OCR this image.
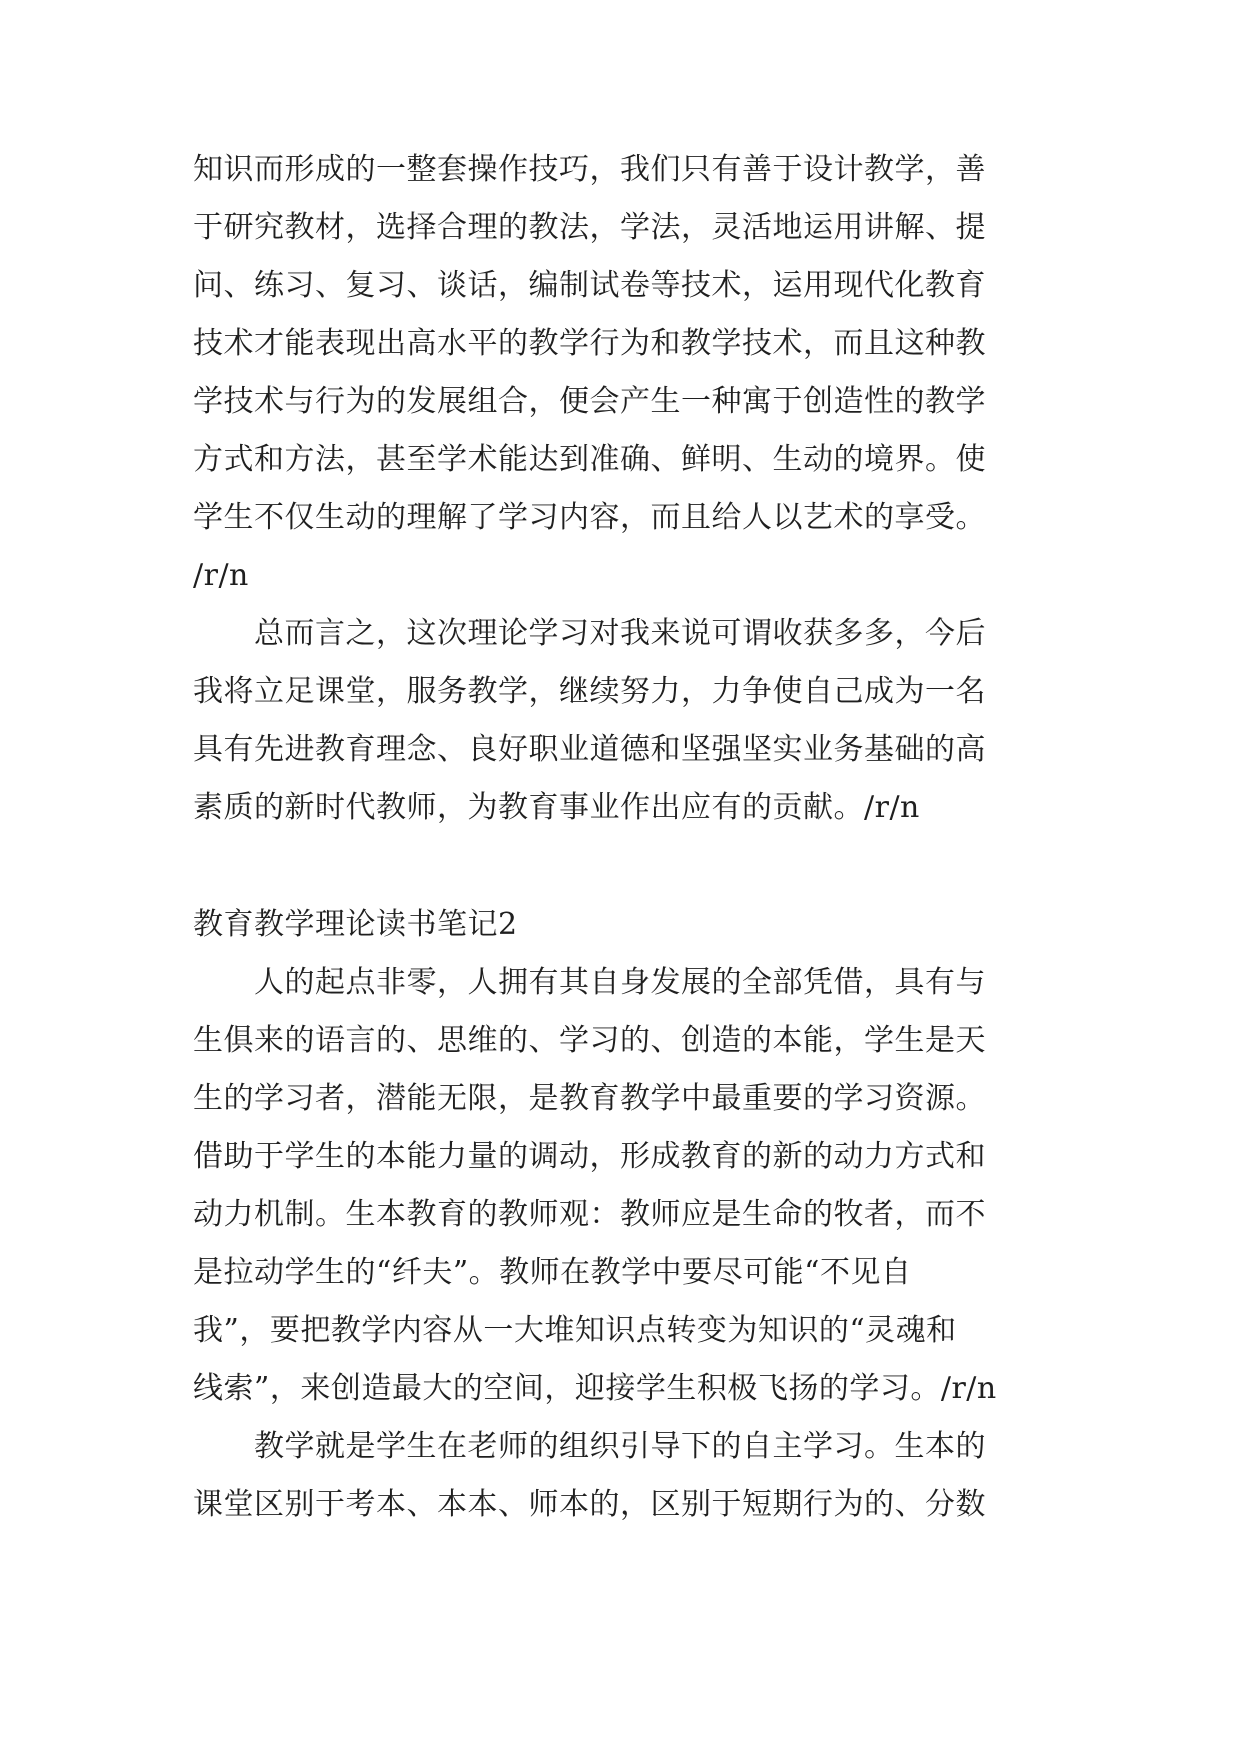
知识而形成的一整套操作技巧，我们只有善于设计教学，善

于研究教材，选择合理的教法，学法，灵活地运用讲解、提

问、练习、复习、谈话，编制试卷等技术，运用现代化教育

技术才能表现出高水平的教学行为和教学技术，而且这种教

学技术与行为的发展组合，便会产生一种寓于创造性的教学

方式和方法，甚至学术能达到准确、鲜明、生动的境界。使

学生不仅生动的理解了学习内容，而且给人以艺术的享受。

/r/n

总而言之，这次理论学习对我来说可谓收获多多，今后

我将立足课堂，服务教学，继续努力，力争使自己成为一名

具有先进教育理念、良好职业道德和坚强坚实业务基础的高

素质的新时代教师，为教育事业作出应有的贡献。/r/n

教育教学理论读书笔记2

人的起点非零，人拥有其自身发展的全部凭借，具有与

生俱来的语言的、思维的、学习的、创造的本能，学生是天

生的学习者，潜能无限，是教育教学中最重要的学习资源。

借助于学生的本能力量的调动，形成教育的新的动力方式和

动力机制。生本教育的教师观：教师应是生命的牧者，而不

是拉动学生的“纤夫”。教师在教学中要尽可能“不见自

我”，要把教学内容从一大堆知识点转变为知识的“灵魂和

线索”，来创造最大的空间，迎接学生积极飞扬的学习。/r/n

教学就是学生在老师的组织引导下的自主学习。生本的

课堂区别于考本、本本、师本的，区别于短期行为的、分数
